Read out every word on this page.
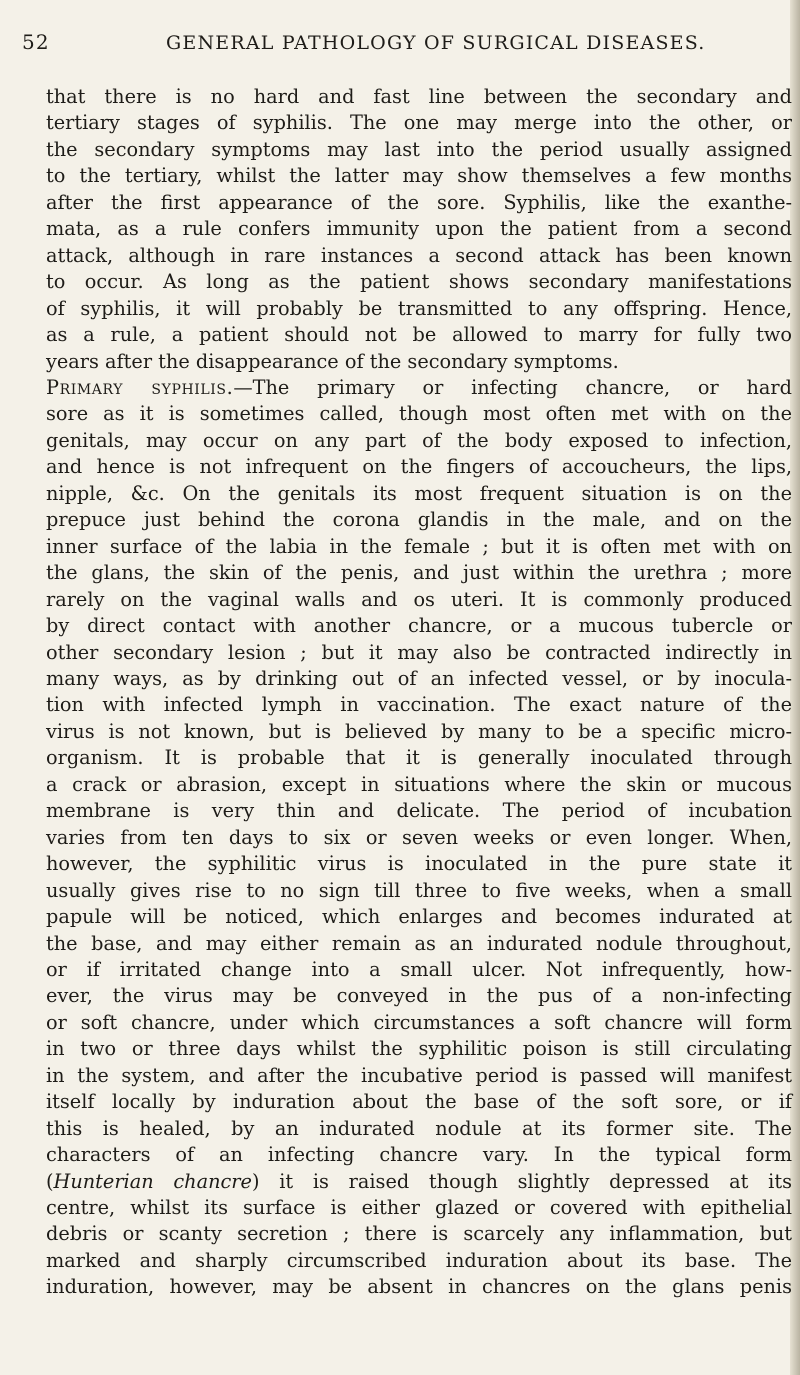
52	GENERAL PATHOLOGY OF SURGICAL DISEASES.
that there is no hard and fast line between the secondary and
tertiary stages of syphilis. The one may merge into the other, or
the secondary symptoms may last into the period usually assigned
to the tertiary, whilst the latter may show themselves a few months
after the first appearance of the sore. Syphilis, like the exanthe-
mata, as a rule confers immunity upon the patient from a second
attack, although in rare instances a second attack has been known
to occur. As long as the patient shows secondary manifestations
of syphilis, it will probably be transmitted to any offspring. Hence,
as a rule, a patient should not be allowed to marry for fully two
years after the disappearance of the secondary symptoms.
Primary syphilis.—The primary or infecting chancre, or hard
sore as it is sometimes called, though most often met with on the
genitals, may occur on any part of the body exposed to infection,
and hence is not infrequent on the fingers of accoucheurs, the lips,
nipple, &c. On the genitals its most frequent situation is on the
prepuce just behind the corona glandis in the male, and on the
inner surface of the labia in the female ; but it is often met with on
the glans, the skin of the penis, and just within the urethra ; more
rarely on the vaginal walls and os uteri. It is commonly produced
by direct contact with another chancre, or a mucous tubercle or
other secondary lesion ; but it may also be contracted indirectly in
many ways, as by drinking out of an infected vessel, or by inocula-
tion with infected lymph in vaccination. The exact nature of the
virus is not known, but is believed by many to be a specific micro-
organism. It is probable that it is generally inoculated through
a crack or abrasion, except in situations where the skin or mucous
membrane is very thin and delicate. The period of incubation
varies from ten days to six or seven weeks or even longer. When,
however, the syphilitic virus is inoculated in the pure state it
usually gives rise to no sign till three to five weeks, when a small
papule will be noticed, which enlarges and becomes indurated at
the base, and may either remain as an indurated nodule throughout,
or if irritated change into a small ulcer. Not infrequently, how-
ever, the virus may be conveyed in the pus of a non-infecting
or soft chancre, under which circumstances a soft chancre will form
in two or three days whilst the syphilitic poison is still circulating
in the system, and after the incubative period is passed will manifest
itself locally by induration about the base of the soft sore, or if
this is healed, by an indurated nodule at its former site. The
characters of an infecting chancre vary. In the typical form
(Hunterian chancre) it is raised though slightly depressed at its
centre, whilst its surface is either glazed or covered with epithelial
debris or scanty secretion ; there is scarcely any inflammation, but
marked and sharply circumscribed induration about its base. The
induration, however, may be absent in chancres on the glans penis
